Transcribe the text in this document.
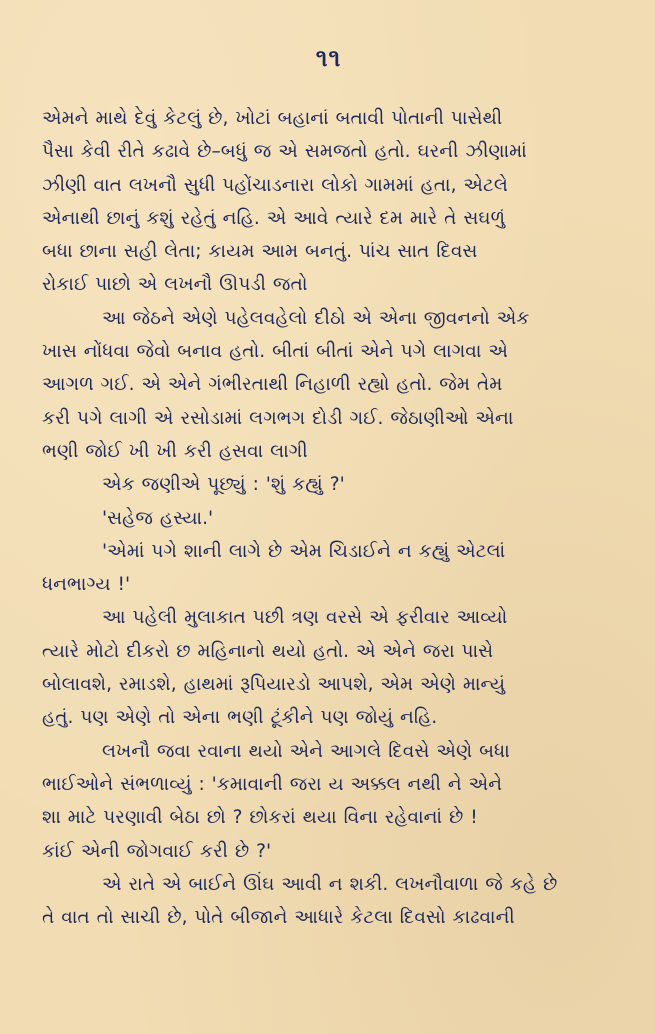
૧૧
એમને માથે દેવું કેટલું છે, ખોટાં બહાનાં બતાવી પોતાની પાસેથી
પૈસા કેવી રીતે કઢાવે છે–બધું જ એ સમજતો હતો. ઘરની ઝીણામાં
ઝીણી વાત લખનૌ સુધી પહોંચાડનારા લોકો ગામમાં હતા, એટલે
એનાથી છાનું કશું રહેતું નહિ. એ આવે ત્યારે દમ મારે તે સઘળું
બધા છાના સહી લેતા; કાયમ આમ બનતું. પાંચ સાત દિવસ
રોકાઈ પાછો એ લખનૌ ઊપડી જતો
આ જેઠને એણે પહેલવહેલો દીઠો એ એના જીવનનો એક
ખાસ નોંધવા જેવો બનાવ હતો. બીતાં બીતાં એને પગે લાગવા એ
આગળ ગઈ. એ એને ગંભીરતાથી નિહાળી રહ્યો હતો. જેમ તેમ
કરી પગે લાગી એ રસોડામાં લગભગ દોડી ગઈ. જેઠાણીઓ એના
ભણી જોઈ ખી ખી કરી હસવા લાગી
એક જણીએ પૂછ્યું : 'શું કહ્યું ?'
'સહેજ હસ્યા.'
'એમાં પગે શાની લાગે છે એમ ચિડાઈને ન કહ્યું એટલાં
ધનભાગ્ય !'
આ પહેલી મુલાકાત પછી ત્રણ વરસે એ ફરીવાર આવ્યો
ત્યારે મોટો દીકરો છ મહિનાનો થયો હતો. એ એને જરા પાસે
બોલાવશે, રમાડશે, હાથમાં રૂપિયારડો આપશે, એમ એણે માન્યું
હતું. પણ એણે તો એના ભણી ટૂંકીને પણ જોયું નહિ.
લખનૌ જવા રવાના થયો એને આગલે દિવસે એણે બધા
ભાઈઓને સંભળાવ્યું : 'કમાવાની જરા ય અક્કલ નથી ને એને
શા માટે પરણાવી બેઠા છો ? છોકરાં થયા વિના રહેવાનાં છે !
કાંઈ એની જોગવાઈ કરી છે ?'
એ રાતે એ બાઈને ઊંઘ આવી ન શકી. લખનૌવાળા જે કહે છે
તે વાત તો સાચી છે, પોતે બીજાને આધારે કેટલા દિવસો કાઢવાની
